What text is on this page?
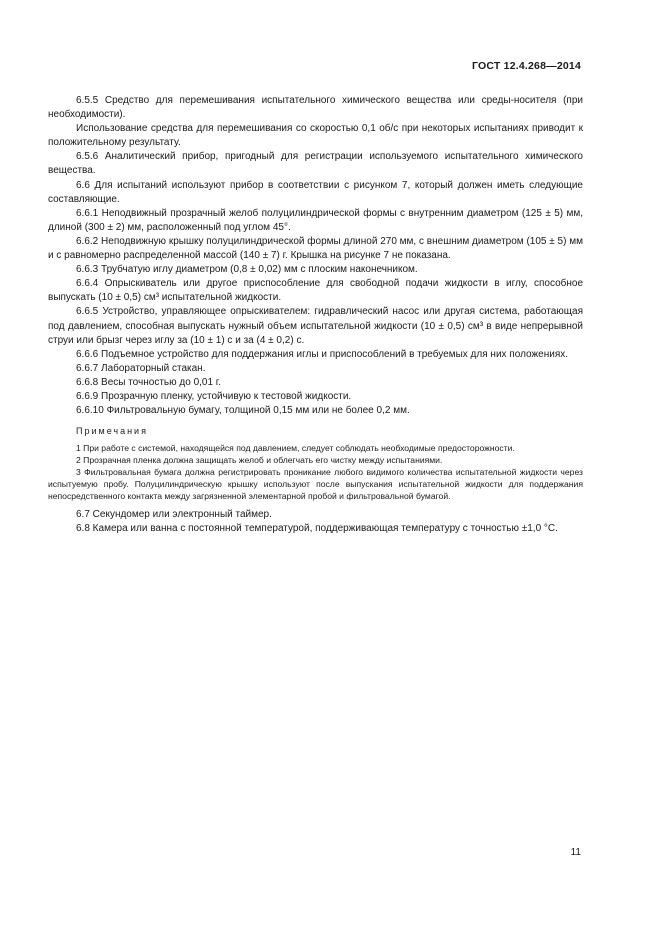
ГОСТ 12.4.268—2014

6.5.5 Средство для перемешивания испытательного химического вещества или среды-носителя (при необходимости).

Использование средства для перемешивания со скоростью 0,1 об/с при некоторых испытаниях приводит к положительному результату.

6.5.6 Аналитический прибор, пригодный для регистрации используемого испытательного химического вещества.

6.6 Для испытаний используют прибор в соответствии с рисунком 7, который должен иметь следующие составляющие.

6.6.1 Неподвижный прозрачный желоб полуцилиндрической формы с внутренним диаметром (125 ± 5) мм, длиной (300 ± 2) мм, расположенный под углом 45°.

6.6.2 Неподвижную крышку полуцилиндрической формы длиной 270 мм, с внешним диаметром (105 ± 5) мм и с равномерно распределенной массой (140 ± 7) г. Крышка на рисунке 7 не показана.

6.6.3 Трубчатую иглу диаметром (0,8 ± 0,02) мм с плоским наконечником.

6.6.4 Опрыскиватель или другое приспособление для свободной подачи жидкости в иглу, способное выпускать (10 ± 0,5) см³ испытательной жидкости.

6.6.5 Устройство, управляющее опрыскивателем: гидравлический насос или другая система, работающая под давлением, способная выпускать нужный объем испытательной жидкости (10 ± 0,5) см³ в виде непрерывной струи или брызг через иглу за (10 ± 1) с и за (4 ± 0,2) с.

6.6.6 Подъемное устройство для поддержания иглы и приспособлений в требуемых для них положениях.

6.6.7 Лабораторный стакан.

6.6.8 Весы точностью до 0,01 г.

6.6.9 Прозрачную пленку, устойчивую к тестовой жидкости.

6.6.10 Фильтровальную бумагу, толщиной 0,15 мм или не более 0,2 мм.

Примечания

1 При работе с системой, находящейся под давлением, следует соблюдать необходимые предосторожности.

2 Прозрачная пленка должна защищать желоб и облегчать его чистку между испытаниями.

3 Фильтровальная бумага должна регистрировать проникание любого видимого количества испытательной жидкости через испытуемую пробу. Полуцилиндрическую крышку используют после выпускания испытательной жидкости для поддержания непосредственного контакта между загрязненной элементарной пробой и фильтровальной бумагой.

6.7 Секундомер или электронный таймер.

6.8 Камера или ванна с постоянной температурой, поддерживающая температуру с точностью ±1,0 °С.

11
